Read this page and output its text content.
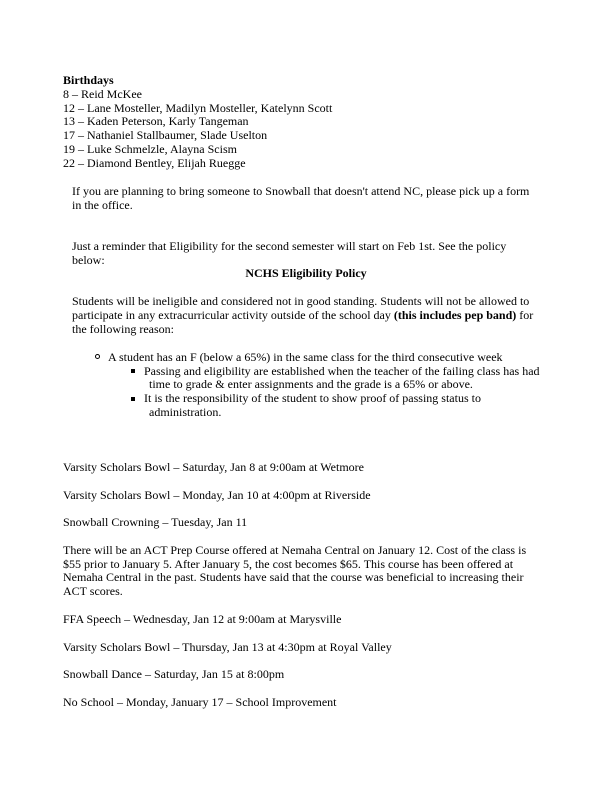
Birthdays
8 – Reid McKee
12 – Lane Mosteller, Madilyn Mosteller, Katelynn Scott
13 – Kaden Peterson, Karly Tangeman
17 – Nathaniel Stallbaumer, Slade Uselton
19 – Luke Schmelzle, Alayna Scism
22 – Diamond Bentley, Elijah Ruegge
If you are planning to bring someone to Snowball that doesn't attend NC, please pick up a form
in the office.
Just a reminder that Eligibility for the second semester will start on Feb 1st. See the policy
below:
NCHS Eligibility Policy
Students will be ineligible and considered not in good standing. Students will not be allowed to
participate in any extracurricular activity outside of the school day (this includes pep band) for
the following reason:
A student has an F (below a 65%) in the same class for the third consecutive week
Passing and eligibility are established when the teacher of the failing class has had
time to grade & enter assignments and the grade is a 65% or above.
It is the responsibility of the student to show proof of passing status to
administration.
Varsity Scholars Bowl – Saturday, Jan 8 at 9:00am at Wetmore
Varsity Scholars Bowl – Monday, Jan 10 at 4:00pm at Riverside
Snowball Crowning – Tuesday, Jan 11
There will be an ACT Prep Course offered at Nemaha Central on January 12. Cost of the class is
$55 prior to January 5. After January 5, the cost becomes $65. This course has been offered at
Nemaha Central in the past. Students have said that the course was beneficial to increasing their
ACT scores.
FFA Speech – Wednesday, Jan 12 at 9:00am at Marysville
Varsity Scholars Bowl – Thursday, Jan 13 at 4:30pm at Royal Valley
Snowball Dance – Saturday, Jan 15 at 8:00pm
No School – Monday, January 17 – School Improvement
